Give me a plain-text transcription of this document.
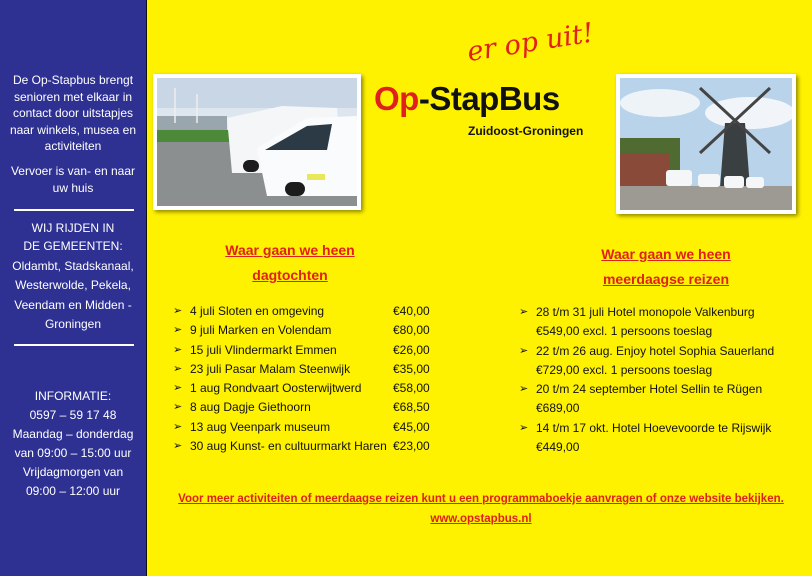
De Op-Stapbus brengt senioren met elkaar in contact door uitstapjes naar winkels, musea en activiteiten
Vervoer is van- en naar uw huis
WIJ RIJDEN IN
DE GEMEENTEN:
Oldambt, Stadskanaal, Westerwolde, Pekela, Veendam en Midden - Groningen
INFORMATIE:
0597 – 59 17 48
Maandag – donderdag
van 09:00 – 15:00 uur
Vrijdagmorgen van
09:00 – 12:00 uur
er op uit!
Op-StapBus
Zuidoost-Groningen
Waar gaan we heen
dagtochten
➢ 4 juli Sloten en omgeving	€40,00
➢ 9 juli Marken en Volendam	€80,00
➢ 15 juli Vlindermarkt Emmen	€26,00
➢ 23 juli Pasar Malam Steenwijk	€35,00
➢ 1 aug Rondvaart Oosterwijtwerd	€58,00
➢ 8 aug Dagje Giethoorn	€68,50
➢ 13 aug Veenpark museum	€45,00
➢ 30 aug Kunst- en cultuurmarkt Haren €23,00
Waar gaan we heen
meerdaagse reizen
➢ 28 t/m 31 juli Hotel monopole Valkenburg
€549,00 excl. 1 persoons toeslag
➢ 22 t/m 26 aug. Enjoy hotel Sophia Sauerland
€729,00 excl. 1 persoons toeslag
➢ 20 t/m 24 september Hotel Sellin te Rügen
€689,00
➢ 14 t/m 17 okt. Hotel Hoevevoorde te Rijswijk
€449,00
Voor meer activiteiten of meerdaagse reizen kunt u een programmaboekje aanvragen of onze website bekijken.
www.opstapbus.nl
